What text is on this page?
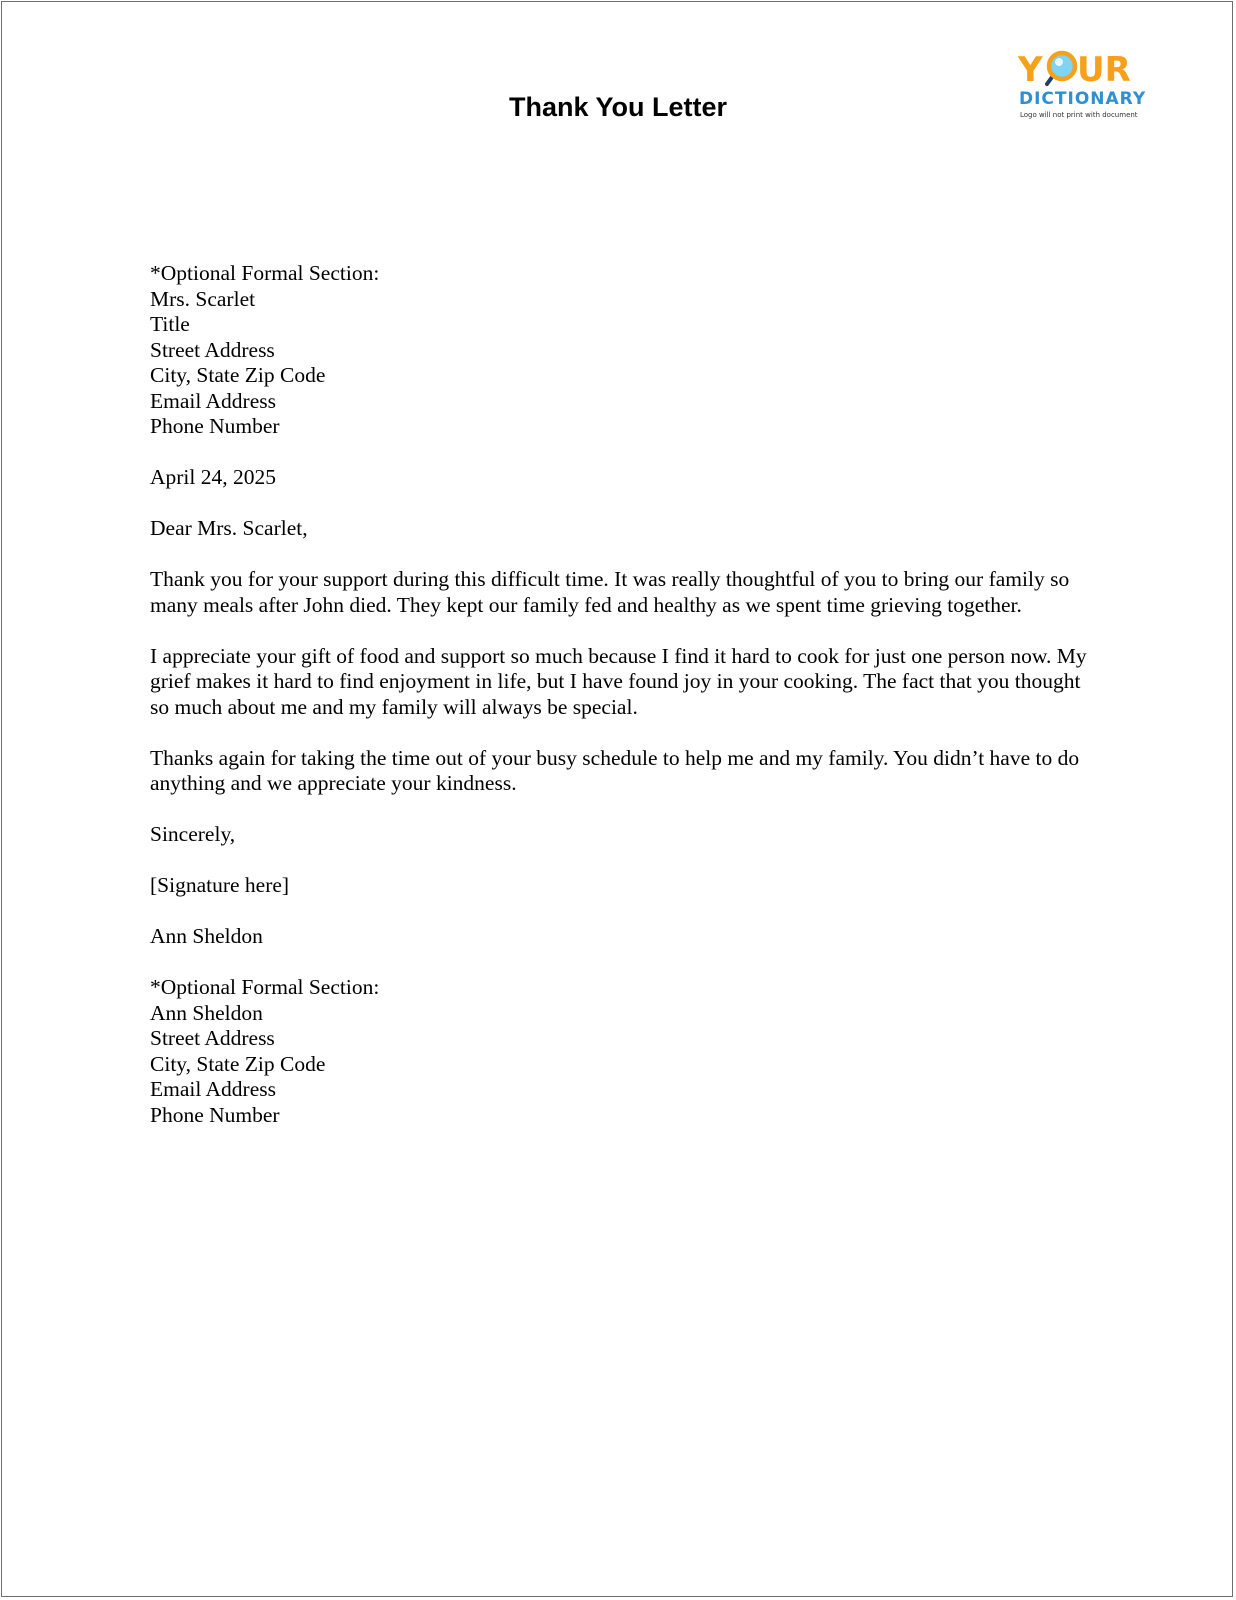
Thank You Letter
Y UR
DICTIONARY
Logo will not print with document
*Optional Formal Section:
Mrs. Scarlet
Title
Street Address
City, State Zip Code
Email Address
Phone Number
April 24, 2025
Dear Mrs. Scarlet,

Thank you for your support during this difficult time. It was really thoughtful of you to bring our family so many meals after John died. They kept our family fed and healthy as we spent time grieving together.

I appreciate your gift of food and support so much because I find it hard to cook for just one person now. My grief makes it hard to find enjoyment in life, but I have found joy in your cooking. The fact that you thought so much about me and my family will always be special.

Thanks again for taking the time out of your busy schedule to help me and my family. You didn’t have to do anything and we appreciate your kindness.

Sincerely,
[Signature here]
Ann Sheldon
*Optional Formal Section:
Ann Sheldon
Street Address
City, State Zip Code
Email Address
Phone Number
